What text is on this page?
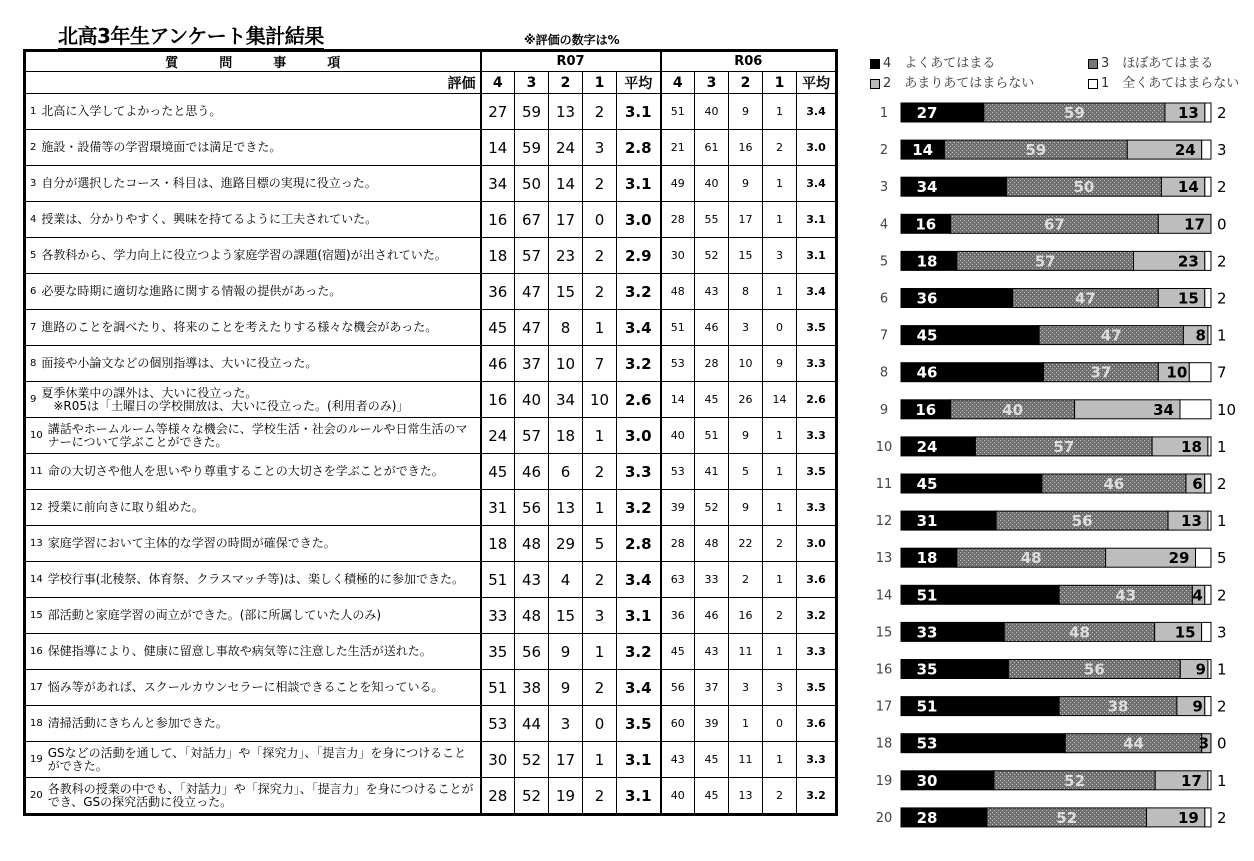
北高3年生アンケート集計結果	※評価の数字は%
質　問　事　項	R07					R06				
評価	4	3	2	1	平均	4	3	2	1	平均

1 北高に入学してよかったと思う。	27	59	13	2	3.1	51	40	9	1	3.4

2 施設・設備等の学習環境面では満足できた。	14	59	24	3	2.8	21	61	16	2	3.0

3 自分が選択したコース・科目は、進路目標の実現に役立った。	34	50	14	2	3.1	49	40	9	1	3.4

4 授業は、分かりやすく、興味を持てるように工夫されていた。	16	67	17	0	3.0	28	55	17	1	3.1

5 各教科から、学力向上に役立つよう家庭学習の課題(宿題)が出されていた。	18	57	23	2	2.9	30	52	15	3	3.1

6 必要な時期に適切な進路に関する情報の提供があった。	36	47	15	2	3.2	48	43	8	1	3.4

7 進路のことを調べたり、将来のことを考えたりする様々な機会があった。	45	47	8	1	3.4	51	46	3	0	3.5

8 面接や小論文などの個別指導は、大いに役立った。	46	37	10	7	3.2	53	28	10	9	3.3

9 夏季休業中の課外は、大いに役立った。
　※R05は「土曜日の学校開放は、大いに役立った。(利用者のみ)」	16	40	34	10	2.6	14	45	26	14	2.6

10 講話やホームルーム等様々な機会に、学校生活・社会のルールや日常生活のマナーについて学ぶことができた。	24	57	18	1	3.0	40	51	9	1	3.3

11 命の大切さや他人を思いやり尊重することの大切さを学ぶことができた。	45	46	6	2	3.3	53	41	5	1	3.5

12 授業に前向きに取り組めた。	31	56	13	1	3.2	39	52	9	1	3.3

13 家庭学習において主体的な学習の時間が確保できた。	18	48	29	5	2.8	28	48	22	2	3.0

14 学校行事(北稜祭、体育祭、クラスマッチ等)は、楽しく積極的に参加できた。	51	43	4	2	3.4	63	33	2	1	3.6

15 部活動と家庭学習の両立ができた。(部に所属していた人のみ)	33	48	15	3	3.1	36	46	16	2	3.2

16 保健指導により、健康に留意し事故や病気等に注意した生活が送れた。	35	56	9	1	3.2	45	43	11	1	3.3

17 悩み等があれば、スクールカウンセラーに相談できることを知っている。	51	38	9	2	3.4	56	37	3	3	3.5

18 清掃活動にきちんと参加できた。	53	44	3	0	3.5	60	39	1	0	3.6

19 GSなどの活動を通して、「対話力」や「探究力」、「提言力」を身につけることができた。	30	52	17	1	3.1	43	45	11	1	3.3

20 各教科の授業の中でも、「対話力」や「探究力」、「提言力」を身につけることができ、GSの探究活動に役立った。	28	52	19	2	3.1	40	45	13	2	3.2
4　よくあてはまる	3　ほぼあてはまる
2　あまりあてはまらない	1　全くあてはまらない
1 27	59	13 2
2 14	59	24 3
3 34	50	14 2
4 16	67	17 0
5 18	57	23 2
6 36	47	15 2
7 45	47	8 1
8 46	37	10 7
9 16	40	34	10
10 24	57	18 1
11 45	46	6 2
12 31	56	13 1
13 18	48	29 5
14 51	43	4 2
15 33	48	15 3
16 35	56	9 1
17 51	38	9 2
18 53	44	3 0
19 30	52	17 1
20 28	52	19 2
